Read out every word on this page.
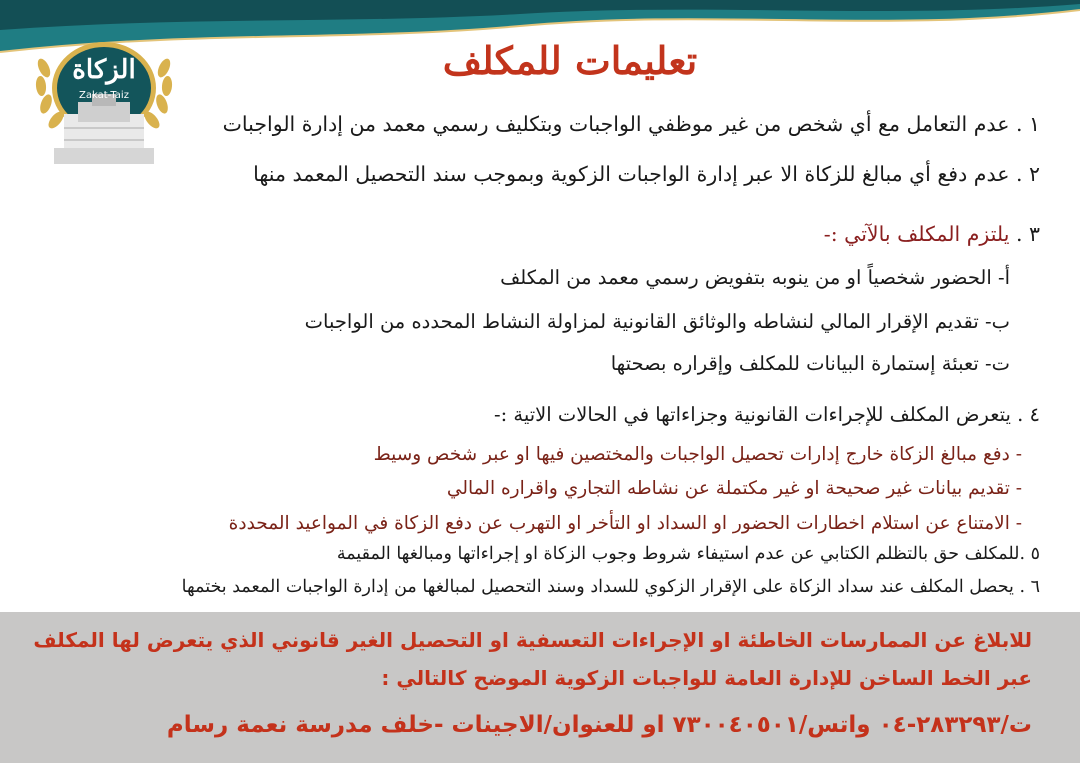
الزكاة
Zakat-Taiz
تعليمات للمكلف
١ . عدم التعامل مع أي شخص من غير موظفي الواجبات وبتكليف رسمي معمد من إدارة الواجبات
٢ . عدم دفع أي مبالغ للزكاة الا عبر إدارة الواجبات الزكوية وبموجب سند التحصيل المعمد منها
٣ . يلتزم المكلف بالآتي :-
أ- الحضور شخصياً او من ينوبه بتفويض رسمي معمد من المكلف
ب- تقديم الإقرار المالي لنشاطه والوثائق القانونية لمزاولة النشاط المحدده من الواجبات
ت- تعبئة إستمارة البيانات للمكلف وإقراره بصحتها
٤ . يتعرض المكلف للإجراءات القانونية وجزاءاتها في الحالات الاتية :-
- دفع مبالغ الزكاة خارج إدارات تحصيل الواجبات والمختصين فيها او عبر شخص وسيط
- تقديم بيانات غير صحيحة او غير مكتملة عن نشاطه التجاري واقراره المالي
- الامتناع عن استلام اخطارات الحضور او السداد او التأخر او التهرب عن دفع الزكاة في المواعيد المحددة
٥ .للمكلف حق بالتظلم الكتابي عن عدم استيفاء شروط وجوب الزكاة او إجراءاتها ومبالغها المقيمة
٦ . يحصل المكلف عند سداد الزكاة على الإقرار الزكوي للسداد وسند التحصيل لمبالغها من إدارة الواجبات المعمد بختمها
للابلاغ عن الممارسات الخاطئة او الإجراءات التعسفية او التحصيل الغير قانوني الذي يتعرض لها المكلف
عبر الخط الساخن للإدارة العامة للواجبات الزكوية الموضح كالتالي :
ت/٢٨٣٢٩٣-٠٤ واتس/٧٣٠٠٤٠٥٠١ او للعنوان/الاجينات -خلف مدرسة نعمة رسام
